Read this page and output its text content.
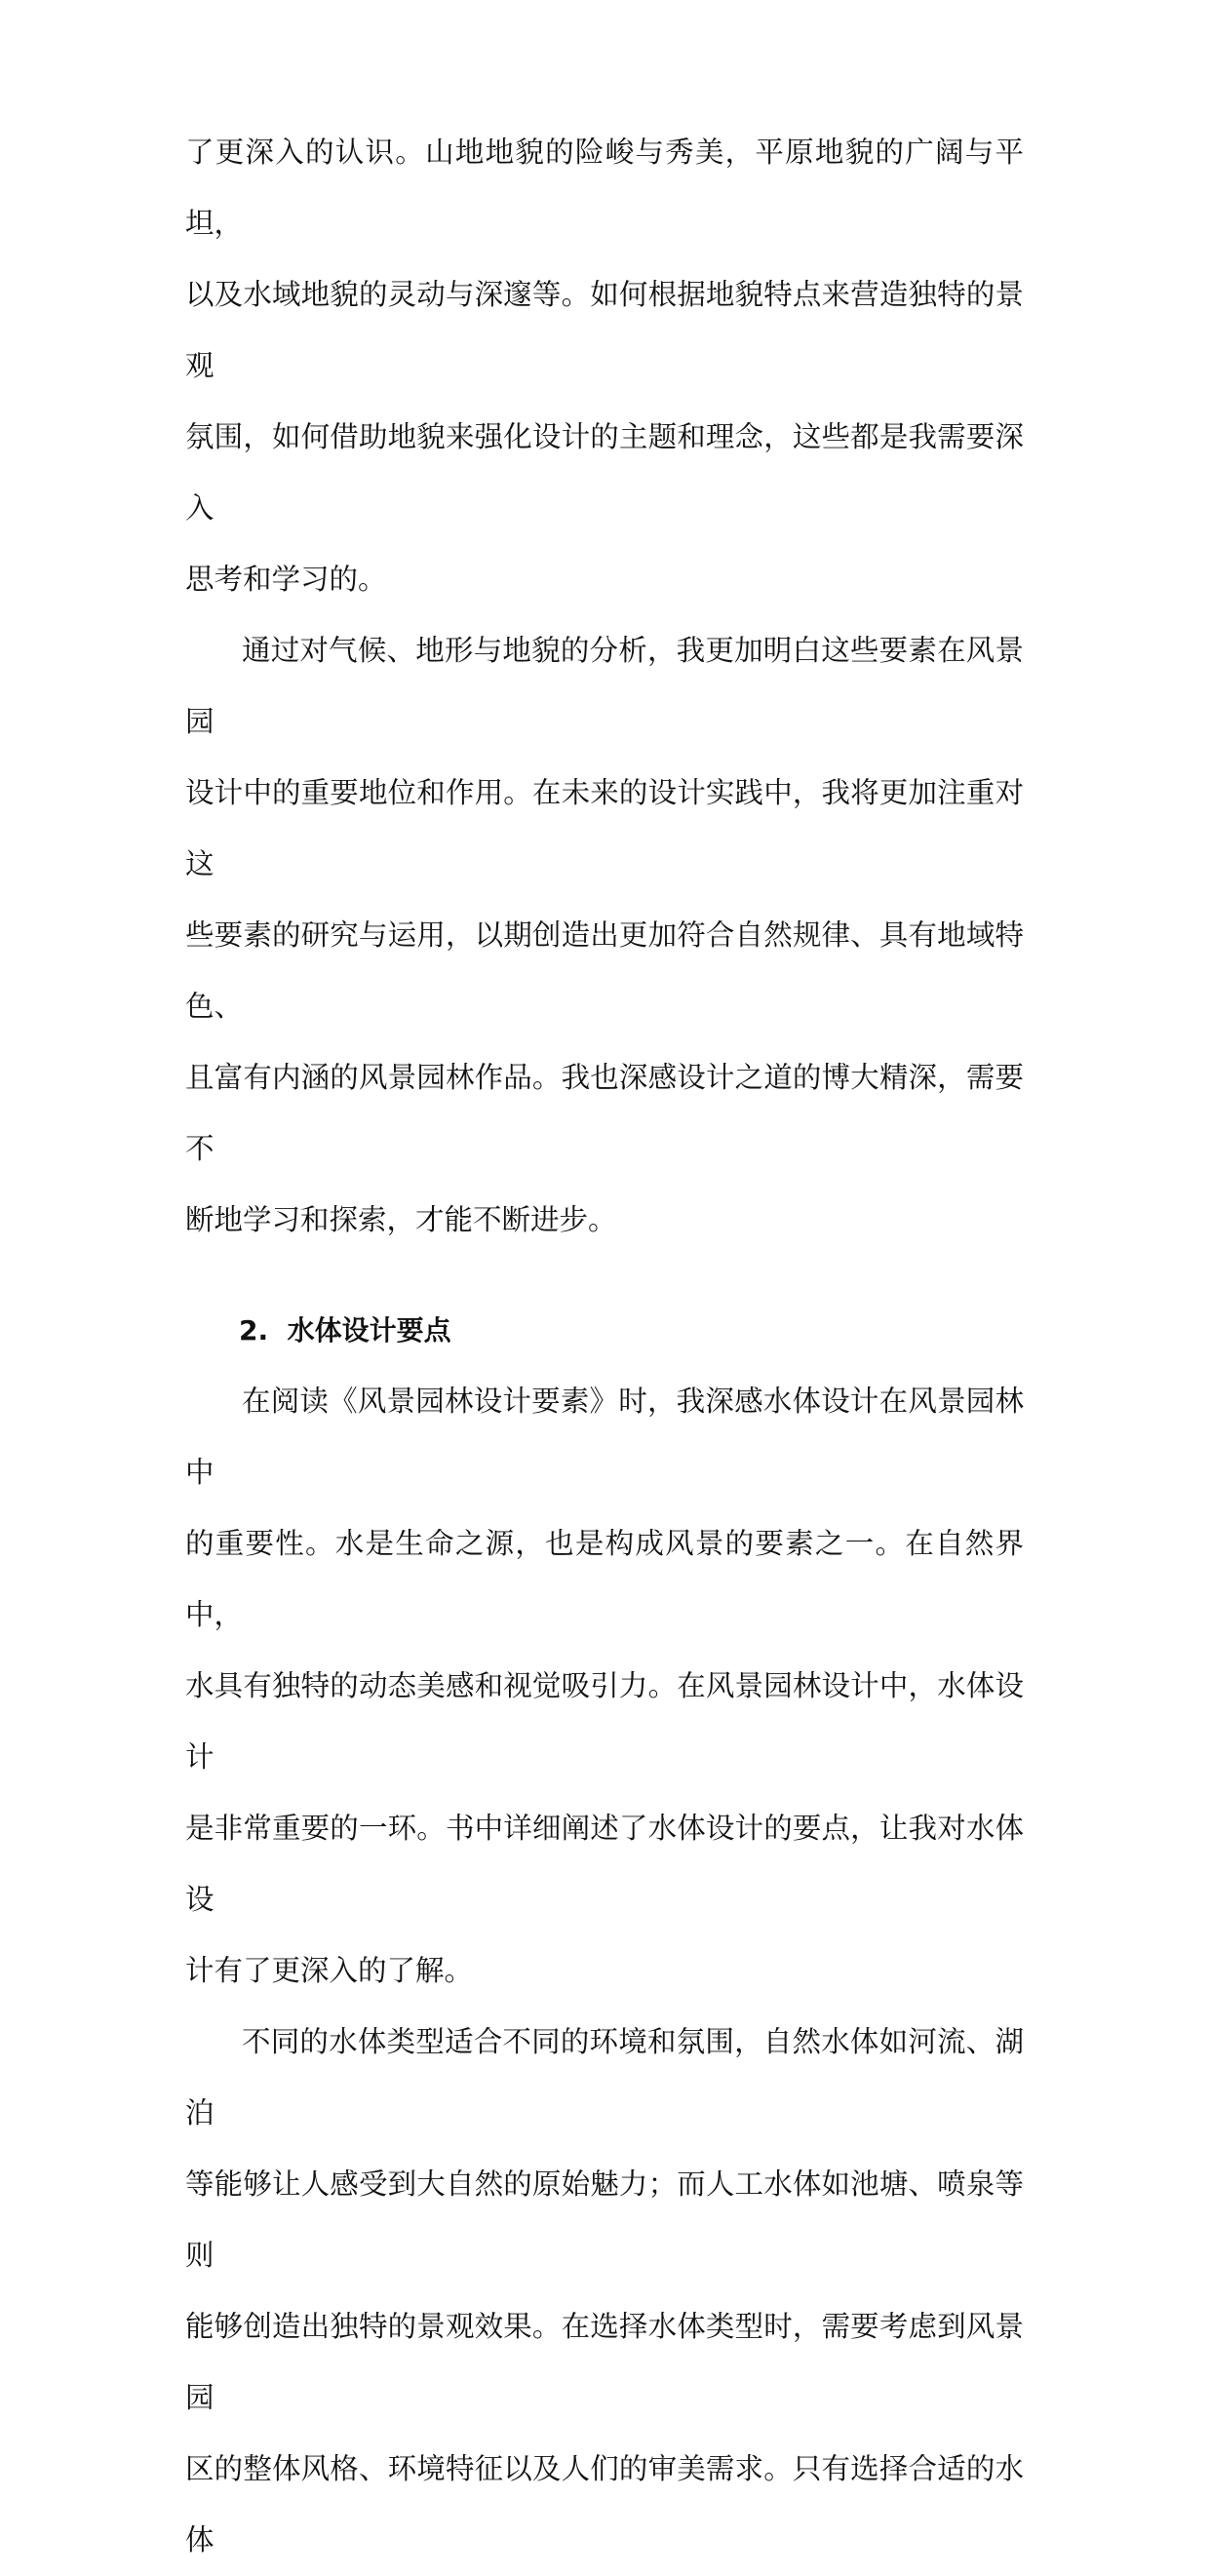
了更深入的认识。山地地貌的险峻与秀美，平原地貌的广阔与平坦，
以及水域地貌的灵动与深邃等。如何根据地貌特点来营造独特的景观
氛围，如何借助地貌来强化设计的主题和理念，这些都是我需要深入
思考和学习的。

通过对气候、地形与地貌的分析，我更加明白这些要素在风景园
设计中的重要地位和作用。在未来的设计实践中，我将更加注重对这
些要素的研究与运用，以期创造出更加符合自然规律、具有地域特色、
且富有内涵的风景园林作品。我也深感设计之道的博大精深，需要不
断地学习和探索，才能不断进步。

2.  水体设计要点

在阅读《风景园林设计要素》时，我深感水体设计在风景园林中
的重要性。水是生命之源，也是构成风景的要素之一。在自然界中，
水具有独特的动态美感和视觉吸引力。在风景园林设计中，水体设计
是非常重要的一环。书中详细阐述了水体设计的要点，让我对水体设
计有了更深入的了解。

不同的水体类型适合不同的环境和氛围，自然水体如河流、湖泊
等能够让人感受到大自然的原始魅力；而人工水体如池塘、喷泉等则
能够创造出独特的景观效果。在选择水体类型时，需要考虑到风景园
区的整体风格、环境特征以及人们的审美需求。只有选择合适的水体
